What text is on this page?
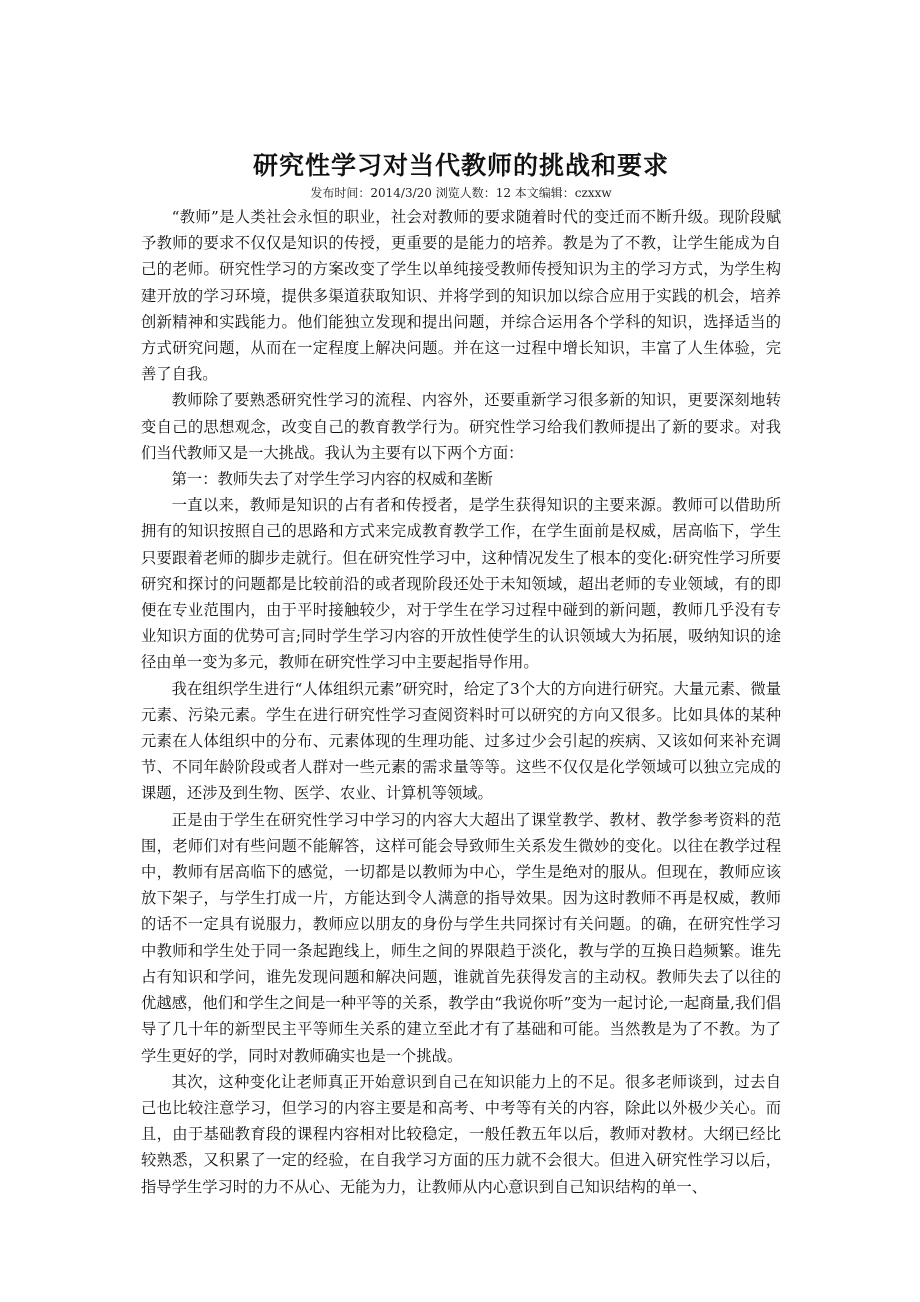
研究性学习对当代教师的挑战和要求
发布时间：2014/3/20 浏览人数：12 本文编辑：czxxw

“教师”是人类社会永恒的职业，社会对教师的要求随着时代的变迁而不断升级。现阶段赋予教师的要求不仅仅是知识的传授，更重要的是能力的培养。教是为了不教，让学生能成为自己的老师。研究性学习的方案改变了学生以单纯接受教师传授知识为主的学习方式，为学生构建开放的学习环境，提供多渠道获取知识、并将学到的知识加以综合应用于实践的机会，培养创新精神和实践能力。他们能独立发现和提出问题，并综合运用各个学科的知识，选择适当的方式研究问题，从而在一定程度上解决问题。并在这一过程中增长知识，丰富了人生体验，完善了自我。

教师除了要熟悉研究性学习的流程、内容外，还要重新学习很多新的知识，更要深刻地转变自己的思想观念，改变自己的教育教学行为。研究性学习给我们教师提出了新的要求。对我们当代教师又是一大挑战。我认为主要有以下两个方面：

第一：教师失去了对学生学习内容的权威和垄断

一直以来，教师是知识的占有者和传授者，是学生获得知识的主要来源。教师可以借助所拥有的知识按照自己的思路和方式来完成教育教学工作，在学生面前是权威，居高临下，学生只要跟着老师的脚步走就行。但在研究性学习中，这种情况发生了根本的变化:研究性学习所要研究和探讨的问题都是比较前沿的或者现阶段还处于未知领域，超出老师的专业领域，有的即便在专业范围内，由于平时接触较少，对于学生在学习过程中碰到的新问题，教师几乎没有专业知识方面的优势可言;同时学生学习内容的开放性使学生的认识领域大为拓展，吸纳知识的途径由单一变为多元，教师在研究性学习中主要起指导作用。

我在组织学生进行“人体组织元素”研究时，给定了3个大的方向进行研究。大量元素、微量元素、污染元素。学生在进行研究性学习查阅资料时可以研究的方向又很多。比如具体的某种元素在人体组织中的分布、元素体现的生理功能、过多过少会引起的疾病、又该如何来补充调节、不同年龄阶段或者人群对一些元素的需求量等等。这些不仅仅是化学领域可以独立完成的课题，还涉及到生物、医学、农业、计算机等领域。

正是由于学生在研究性学习中学习的内容大大超出了课堂教学、教材、教学参考资料的范围，老师们对有些问题不能解答，这样可能会导致师生关系发生微妙的变化。以往在教学过程中，教师有居高临下的感觉，一切都是以教师为中心，学生是绝对的服从。但现在，教师应该放下架子，与学生打成一片，方能达到令人满意的指导效果。因为这时教师不再是权威，教师的话不一定具有说服力，教师应以朋友的身份与学生共同探讨有关问题。的确，在研究性学习中教师和学生处于同一条起跑线上，师生之间的界限趋于淡化，教与学的互换日趋频繁。谁先占有知识和学问，谁先发现问题和解决问题，谁就首先获得发言的主动权。教师失去了以往的优越感，他们和学生之间是一种平等的关系，教学由“我说你听”变为一起讨论,一起商量,我们倡导了几十年的新型民主平等师生关系的建立至此才有了基础和可能。当然教是为了不教。为了学生更好的学，同时对教师确实也是一个挑战。

其次，这种变化让老师真正开始意识到自己在知识能力上的不足。很多老师谈到，过去自己也比较注意学习，但学习的内容主要是和高考、中考等有关的内容，除此以外极少关心。而且，由于基础教育段的课程内容相对比较稳定，一般任教五年以后，教师对教材。大纲已经比较熟悉，又积累了一定的经验，在自我学习方面的压力就不会很大。但进入研究性学习以后，指导学生学习时的力不从心、无能为力，让教师从内心意识到自己知识结构的单一、
